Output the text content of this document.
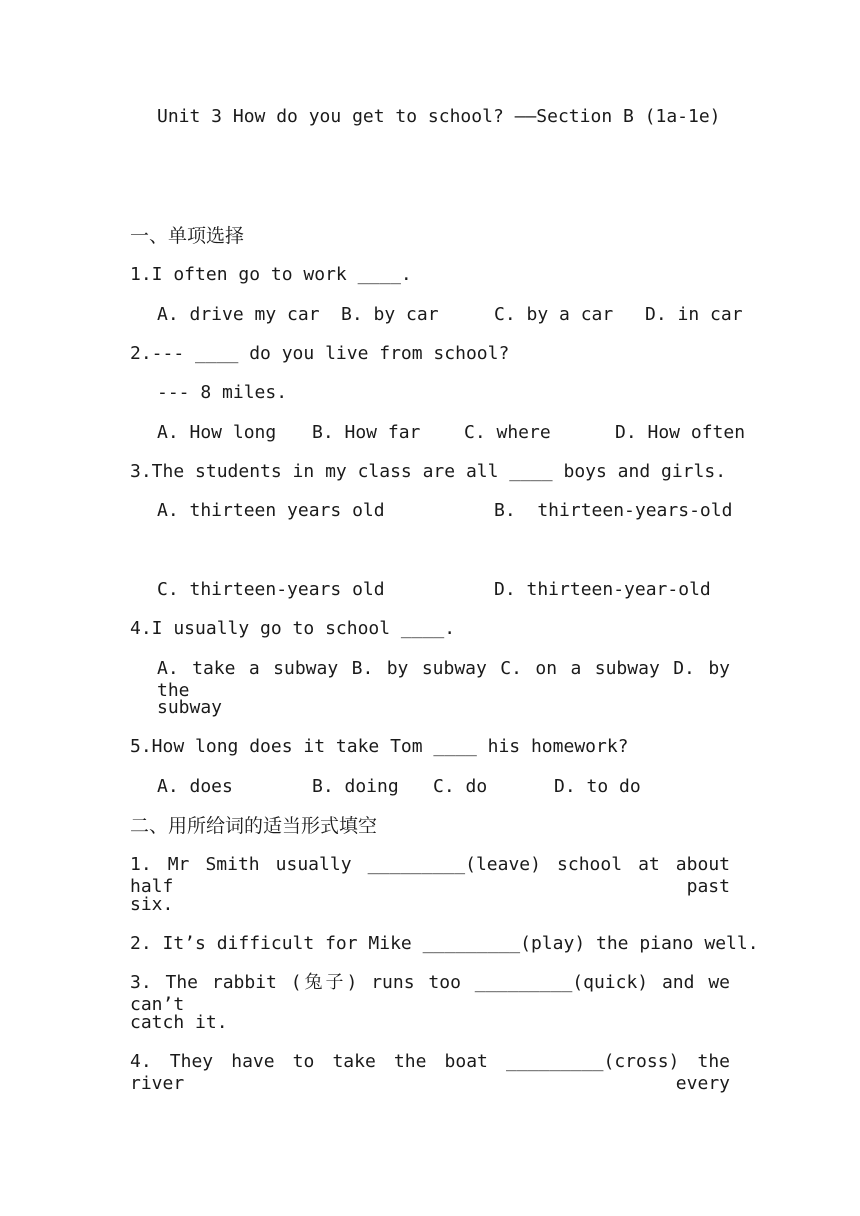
Unit 3 How do you get to school? ——Section B (1a-1e)
一、单项选择
1.I often go to work ____.
A. drive my car B. by car	C. by a car D. in car
2.--- ____ do you live from school?
--- 8 miles.
A. How long B. How far C. where	D. How often
3.The students in my class are all ____ boys and girls.
A. thirteen years old	B.  thirteen-years-old
C. thirteen-years old	D. thirteen-year-old
4.I usually go to school ____.
A. take a subway B. by subway C. on a subway D. by the
subway
5.How long does it take Tom ____ his homework?
A. does	B. doing C. do	D. to do
二、用所给词的适当形式填空
1. Mr Smith usually _________(leave) school at about half past
six.
2. It’s difficult for Mike _________(play) the piano well.
3. The rabbit (兔子) runs too _________(quick) and we can’t
catch it.
4. They have to take the boat _________(cross) the river every
